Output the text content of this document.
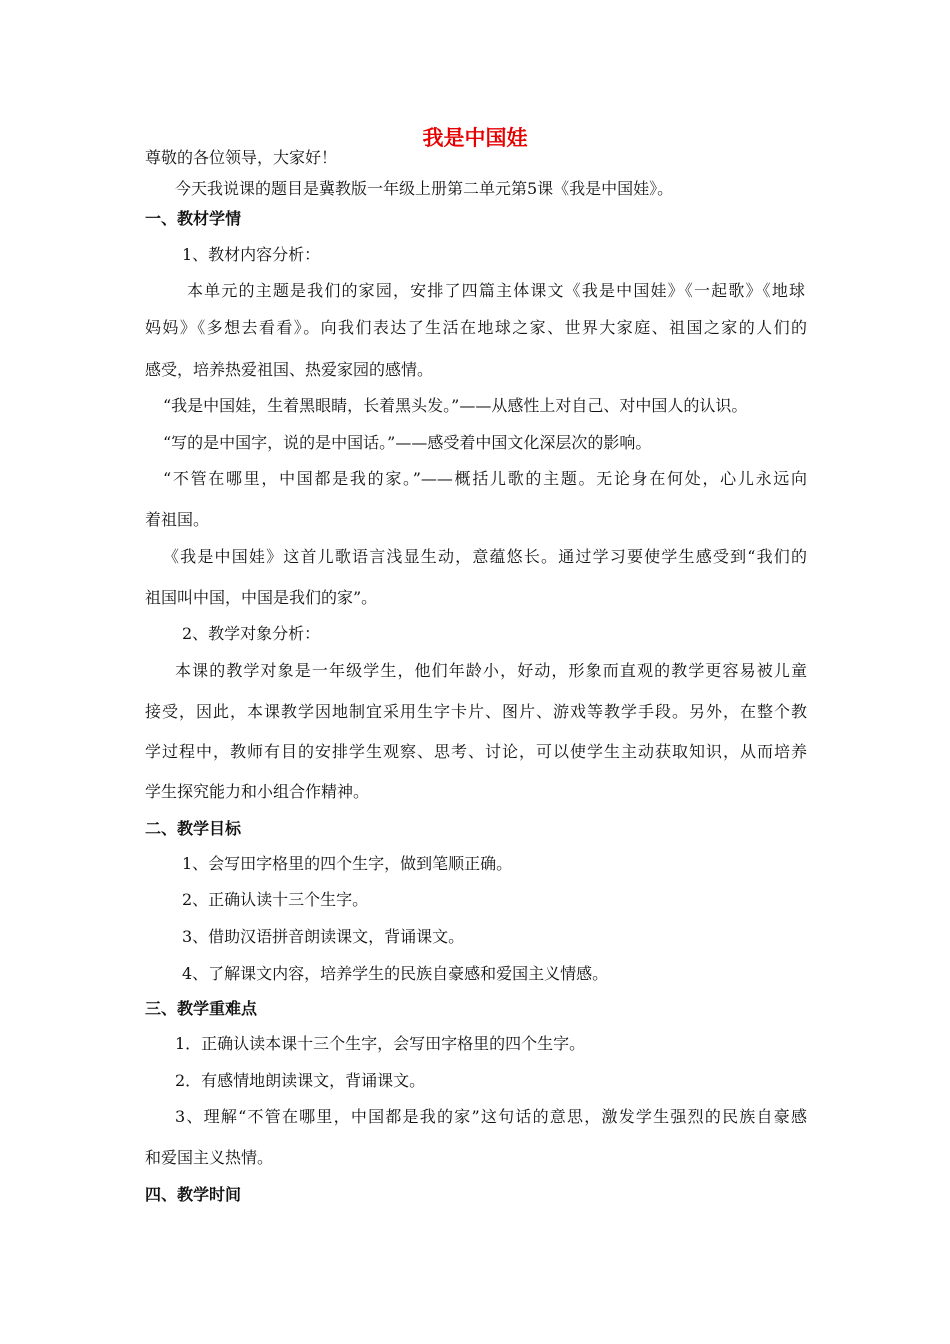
我是中国娃
尊敬的各位领导，大家好！
今天我说课的题目是冀教版一年级上册第二单元第5课《我是中国娃》。
一、教材学情
1、教材内容分析：
本单元的主题是我们的家园，安排了四篇主体课文《我是中国娃》《一起歌》《地球
妈妈》《多想去看看》。向我们表达了生活在地球之家、世界大家庭、祖国之家的人们的
感受，培养热爱祖国、热爱家园的感情。
“我是中国娃，生着黑眼睛，长着黑头发。”——从感性上对自己、对中国人的认识。
“写的是中国字，说的是中国话。”——感受着中国文化深层次的影响。
“不管在哪里，中国都是我的家。”——概括儿歌的主题。无论身在何处，心儿永远向
着祖国。
《我是中国娃》这首儿歌语言浅显生动，意蕴悠长。通过学习要使学生感受到“我们的
祖国叫中国，中国是我们的家”。
2、教学对象分析：
本课的教学对象是一年级学生，他们年龄小，好动，形象而直观的教学更容易被儿童
接受，因此，本课教学因地制宜采用生字卡片、图片、游戏等教学手段。另外，在整个教
学过程中，教师有目的安排学生观察、思考、讨论，可以使学生主动获取知识，从而培养
学生探究能力和小组合作精神。
二、教学目标
1、会写田字格里的四个生字，做到笔顺正确。
2、正确认读十三个生字。
3、借助汉语拼音朗读课文，背诵课文。
4、了解课文内容，培养学生的民族自豪感和爱国主义情感。
三、教学重难点
1．正确认读本课十三个生字，会写田字格里的四个生字。
2．有感情地朗读课文，背诵课文。
3、理解“不管在哪里，中国都是我的家”这句话的意思，激发学生强烈的民族自豪感
和爱国主义热情。
四、教学时间
